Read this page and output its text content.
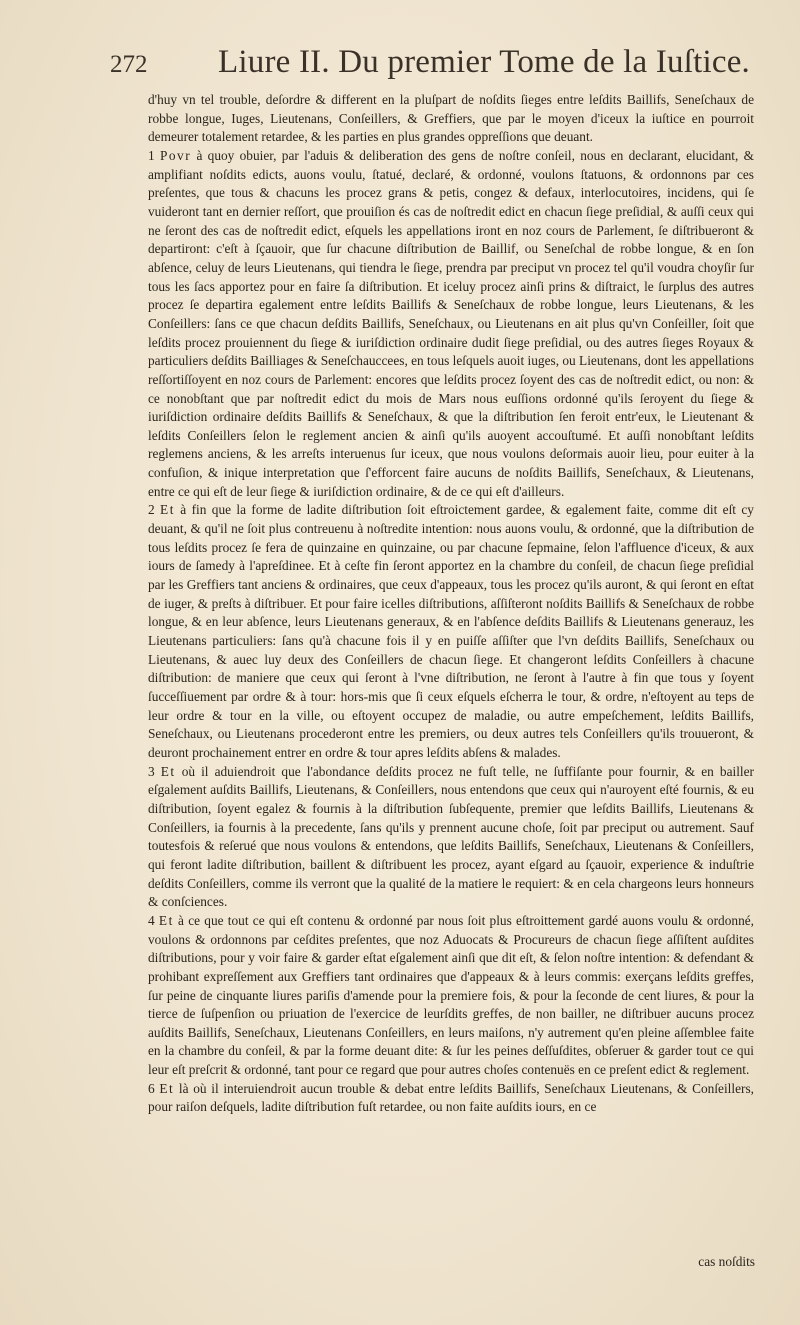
272	Liure II. Du premier Tome de la Iuſtice.

d'huy vn tel trouble, deſordre & different en la pluſpart de noſdits ſieges entre leſdits Baillifs, Seneſchaux de robbe longue, Iuges, Lieutenans, Conſeillers, & Greffiers, que par le moyen d'iceux la iuſtice en pourroit demeurer totalement retardee, & les parties en plus grandes oppreſſions que deuant.

1 Povr à quoy obuier, par l'aduis & deliberation des gens de noſtre conſeil, nous en declarant, elucidant, & amplifiant noſdits edicts, auons voulu, ſtatué, declaré, & ordonné, voulons ſtatuons, & ordonnons par ces preſentes, que tous & chacuns les procez grans & petis, congez & defaux, interlocutoires, incidens, qui ſe vuideront tant en dernier reſſort, que prouiſion és cas de noſtredit edict en chacun ſiege preſidial, & auſſi ceux qui ne ſeront des cas de noſtredit edict, eſquels les appellations iront en noz cours de Parlement, ſe diſtribueront & departiront: c'eſt à ſçauoir, que ſur chacune diſtribution de Baillif, ou Seneſchal de robbe longue, & en ſon abſence, celuy de leurs Lieutenans, qui tiendra le ſiege, prendra par preciput vn procez tel qu'il voudra choyſir ſur tous les ſacs apportez pour en faire ſa diſtribution. Et iceluy procez ainſi prins & diſtraict, le ſurplus des autres procez ſe departira egalement entre leſdits Baillifs & Seneſchaux de robbe longue, leurs Lieutenans, & les Conſeillers: ſans ce que chacun deſdits Baillifs, Seneſchaux, ou Lieutenans en ait plus qu'vn Conſeiller, ſoit que leſdits procez prouiennent du ſiege & iuriſdiction ordinaire dudit ſiege preſidial, ou des autres ſieges Royaux & particuliers deſdits Bailliages & Seneſchauccees, en tous leſquels auoit iuges, ou Lieutenans, dont les appellations reſſortiſſoyent en noz cours de Parlement: encores que leſdits procez ſoyent des cas de noſtredit edict, ou non: & ce nonobſtant que par noſtredit edict du mois de Mars nous euſſions ordonné qu'ils ſeroyent du ſiege & iuriſdiction ordinaire deſdits Baillifs & Seneſchaux, & que la diſtribution ſen feroit entr'eux, le Lieutenant & leſdits Conſeillers ſelon le reglement ancien & ainſi qu'ils auoyent accouſtumé. Et auſſi nonobſtant leſdits reglemens anciens, & les arreſts interuenus ſur iceux, que nous voulons deſormais auoir lieu, pour euiter à la confuſion, & inique interpretation que ſ'efforcent faire aucuns de noſdits Baillifs, Seneſchaux, & Lieutenans, entre ce qui eſt de leur ſiege & iuriſdiction ordinaire, & de ce qui eſt d'ailleurs.

2 Et à fin que la forme de ladite diſtribution ſoit eſtroictement gardee, & egalement faite, comme dit eſt cy deuant, & qu'il ne ſoit plus contreuenu à noſtredite intention: nous auons voulu, & ordonné, que la diſtribution de tous leſdits procez ſe fera de quinzaine en quinzaine, ou par chacune ſepmaine, ſelon l'affluence d'iceux, & aux iours de ſamedy à l'apreſdinee. Et à ceſte fin ſeront apportez en la chambre du conſeil, de chacun ſiege preſidial par les Greffiers tant anciens & ordinaires, que ceux d'appeaux, tous les procez qu'ils auront, & qui ſeront en eſtat de iuger, & preſts à diſtribuer. Et pour faire icelles diſtributions, aſſiſteront noſdits Baillifs & Seneſchaux de robbe longue, & en leur abſence, leurs Lieutenans generaux, & en l'abſence deſdits Baillifs & Lieutenans generauz, les Lieutenans particuliers: ſans qu'à chacune fois il y en puiſſe aſſiſter que l'vn deſdits Baillifs, Seneſchaux ou Lieutenans, & auec luy deux des Conſeillers de chacun ſiege. Et changeront leſdits Conſeillers à chacune diſtribution: de maniere que ceux qui ſeront à l'vne diſtribution, ne ſeront à l'autre à fin que tous y ſoyent ſucceſſiuement par ordre & à tour: hors-mis que ſi ceux eſquels eſcherra le tour, & ordre, n'eſtoyent au teps de leur ordre & tour en la ville, ou eſtoyent occupez de maladie, ou autre empeſchement, leſdits Baillifs, Seneſchaux, ou Lieutenans procederont entre les premiers, ou deux autres tels Conſeillers qu'ils trouueront, & deuront prochainement entrer en ordre & tour apres leſdits abſens & malades.

3 Et où il aduiendroit que l'abondance deſdits procez ne fuſt telle, ne ſuffiſante pour fournir, & en bailler eſgalement auſdits Baillifs, Lieutenans, & Conſeillers, nous entendons que ceux qui n'auroyent eſté fournis, & eu diſtribution, ſoyent egalez & fournis à la diſtribution ſubſequente, premier que leſdits Baillifs, Lieutenans & Conſeillers, ia fournis à la precedente, ſans qu'ils y prennent aucune choſe, ſoit par preciput ou autrement. Sauf toutesfois & reſerué que nous voulons & entendons, que leſdits Baillifs, Seneſchaux, Lieutenans & Conſeillers, qui feront ladite diſtribution, baillent & diſtribuent les procez, ayant eſgard au ſçauoir, experience & induſtrie deſdits Conſeillers, comme ils verront que la qualité de la matiere le requiert: & en cela chargeons leurs honneurs & conſciences.

4 Et à ce que tout ce qui eſt contenu & ordonné par nous ſoit plus eſtroittement gardé auons voulu & ordonné, voulons & ordonnons par ceſdites preſentes, que noz Aduocats & Procureurs de chacun ſiege aſſiſtent auſdites diſtributions, pour y voir faire & garder eſtat eſgalement ainſi que dit eſt, & ſelon noſtre intention: & defendant & prohibant expreſſement aux Greffiers tant ordinaires que d'appeaux & à leurs commis: exerçans leſdits greffes, ſur peine de cinquante liures pariſis d'amende pour la premiere fois, & pour la ſeconde de cent liures, & pour la tierce de ſuſpenſion ou priuation de l'exercice de leurſdits greffes, de non bailler, ne diſtribuer aucuns procez auſdits Baillifs, Seneſchaux, Lieutenans Conſeillers, en leurs maiſons, n'y autrement qu'en pleine aſſemblee faite en la chambre du conſeil, & par la forme deuant dite: & ſur les peines deſſuſdites, obſeruer & garder tout ce qui leur eſt preſcrit & ordonné, tant pour ce regard que pour autres choſes contenuës en ce preſent edict & reglement.

6 Et là où il interuiendroit aucun trouble & debat entre leſdits Baillifs, Seneſchaux Lieutenans, & Conſeillers, pour raiſon deſquels, ladite diſtribution fuſt retardee, ou non faite auſdits iours, en ce

cas noſdits
